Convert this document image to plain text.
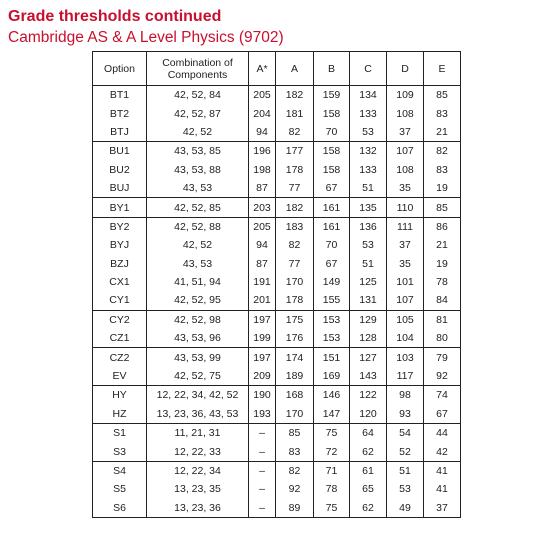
Grade thresholds continued
Cambridge AS & A Level Physics (9702)
Option	Combination of Components	A*	A	B	C	D	E
BT1	42, 52, 84	205	182	159	134	109	85
BT2	42, 52, 87	204	181	158	133	108	83
BTJ	42, 52	94	82	70	53	37	21
BU1	43, 53, 85	196	177	158	132	107	82
BU2	43, 53, 88	198	178	158	133	108	83
BUJ	43, 53	87	77	67	51	35	19
BY1	42, 52, 85	203	182	161	135	110	85
BY2	42, 52, 88	205	183	161	136	111	86
BYJ	42, 52	94	82	70	53	37	21
BZJ	43, 53	87	77	67	51	35	19
CX1	41, 51, 94	191	170	149	125	101	78
CY1	42, 52, 95	201	178	155	131	107	84
CY2	42, 52, 98	197	175	153	129	105	81
CZ1	43, 53, 96	199	176	153	128	104	80
CZ2	43, 53, 99	197	174	151	127	103	79
EV	42, 52, 75	209	189	169	143	117	92
HY	12, 22, 34, 42, 52	190	168	146	122	98	74
HZ	13, 23, 36, 43, 53	193	170	147	120	93	67
S1	11, 21, 31	–	85	75	64	54	44
S3	12, 22, 33	–	83	72	62	52	42
S4	12, 22, 34	–	82	71	61	51	41
S5	13, 23, 35	–	92	78	65	53	41
S6	13, 23, 36	–	89	75	62	49	37
